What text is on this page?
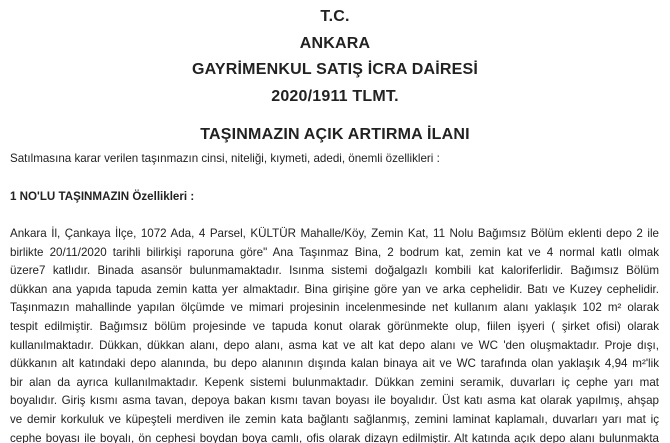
T.C.
ANKARA
GAYRİMENKUL SATIŞ İCRA DAİRESİ
2020/1911 TLMT.
TAŞINMAZIN AÇIK ARTIRMA İLANI
Satılmasına karar verilen taşınmazın cinsi, niteliği, kıymeti, adedi, önemli özellikleri :
1 NO'LU TAŞINMAZIN Özellikleri :
Ankara İl, Çankaya İlçe, 1072 Ada, 4 Parsel, KÜLTÜR Mahalle/Köy, Zemin Kat, 11 Nolu Bağımsız Bölüm eklenti depo 2 ile
birlikte 20/11/2020 tarihli bilirkişi raporuna göre" Ana Taşınmaz Bina, 2 bodrum kat, zemin kat ve 4 normal katlı olmak
üzere7 katlıdır. Binada asansör bulunmamaktadır. Isınma sistemi doğalgazlı kombili kat kaloriferlidir. Bağımsız Bölüm
dükkan ana yapıda tapuda zemin katta yer almaktadır. Bina girişine göre yan ve arka cephelidir. Batı ve Kuzey cephelidir.
Taşınmazın mahallinde yapılan ölçümde ve mimari projesinin incelenmesinde net kullanım alanı yaklaşık 102 m² olarak
tespit edilmiştir. Bağımsız bölüm projesinde ve tapuda konut olarak görünmekte olup, fiilen işyeri ( şirket ofisi) olarak
kullanılmaktadır. Dükkan, dükkan alanı, depo alanı, asma kat ve alt kat depo alanı ve WC 'den oluşmaktadır. Proje dışı,
dükkanın alt katındaki depo alanında, bu depo alanının dışında kalan binaya ait ve WC tarafında olan yaklaşık 4,94 m²'lik
bir alan da ayrıca kullanılmaktadır. Kepenk sistemi bulunmaktadır. Dükkan zemini seramik, duvarları iç cephe yarı mat
boyalıdır. Giriş kısmı asma tavan, depoya bakan kısmı tavan boyası ile boyalıdır. Üst katı asma kat olarak yapılmış, ahşap
ve demir korkuluk ve küpeşteli merdiven ile zemin kata bağlantı sağlanmış, zemini laminat kaplamalı, duvarları yarı mat iç
cephe boyası ile boyalı, ön cephesi boydan boya camlı, ofis olarak dizayn edilmiştir. Alt katında açık depo alanı bulunmakta
